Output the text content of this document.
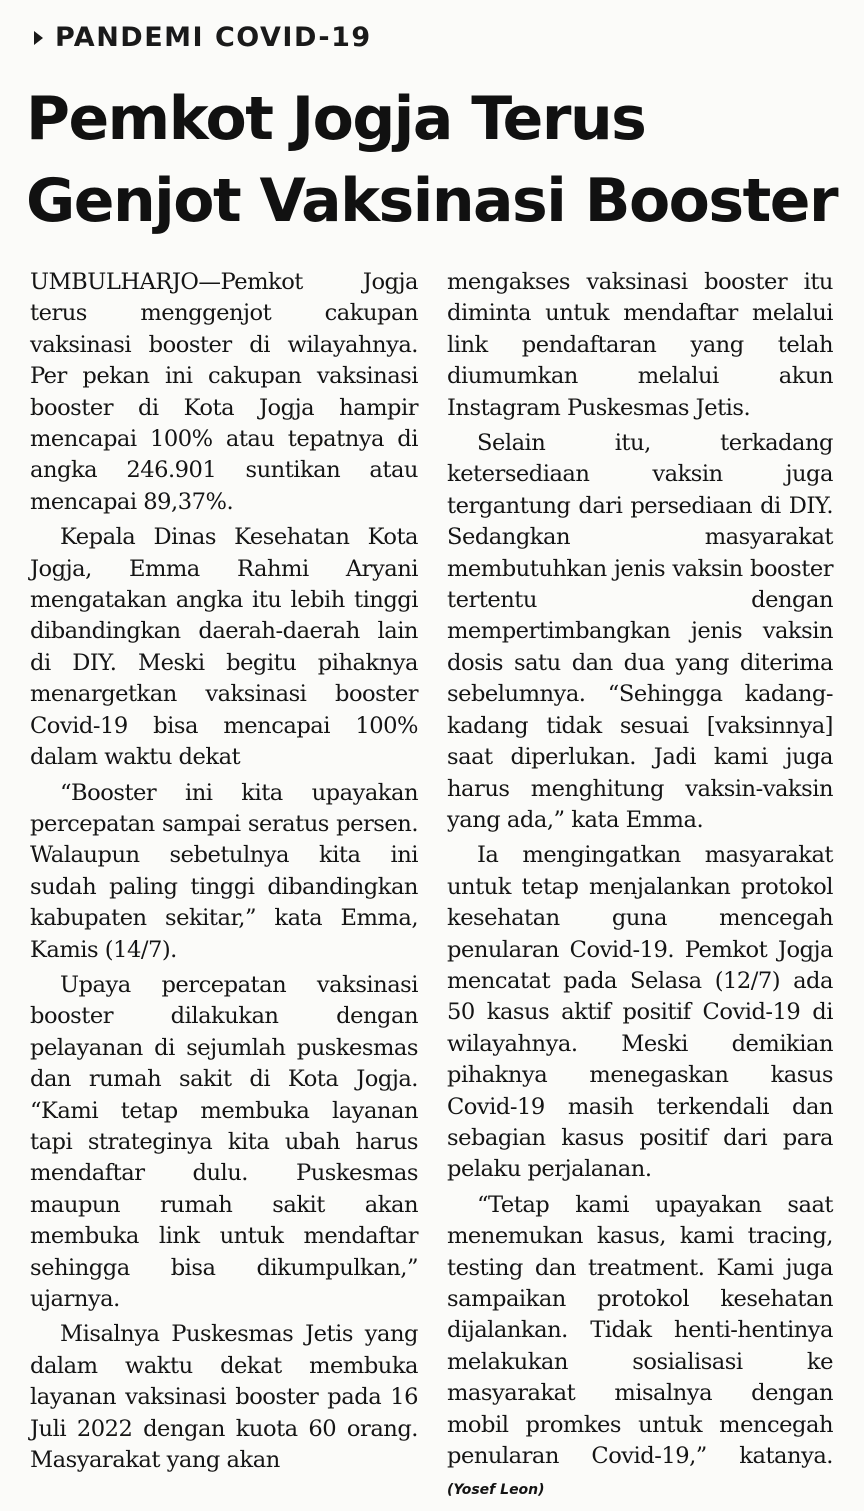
PANDEMI COVID-19
Pemkot Jogja Terus
Genjot Vaksinasi Booster

UMBULHARJO—Pemkot Jogja terus menggenjot cakupan vaksinasi booster di wilayahnya. Per pekan ini cakupan vaksinasi booster di Kota Jogja hampir mencapai 100% atau tepatnya di angka 246.901 suntikan atau mencapai 89,37%.

Kepala Dinas Kesehatan Kota Jogja, Emma Rahmi Aryani mengatakan angka itu lebih tinggi dibandingkan daerah-daerah lain di DIY. Meski begitu pihaknya menargetkan vaksinasi booster Covid-19 bisa mencapai 100% dalam waktu dekat

“Booster ini kita upayakan percepatan sampai seratus persen. Walaupun sebetulnya kita ini sudah paling tinggi dibandingkan kabupaten sekitar,” kata Emma, Kamis (14/7).

Upaya percepatan vaksinasi booster dilakukan dengan pelayanan di sejumlah puskesmas dan rumah sakit di Kota Jogja. “Kami tetap membuka layanan tapi strateginya kita ubah harus mendaftar dulu. Puskesmas maupun rumah sakit akan membuka link untuk mendaftar sehingga bisa dikumpulkan,” ujarnya.

Misalnya Puskesmas Jetis yang dalam waktu dekat membuka layanan vaksinasi booster pada 16 Juli 2022 dengan kuota 60 orang. Masyarakat yang akan

mengakses vaksinasi booster itu diminta untuk mendaftar melalui link pendaftaran yang telah diumumkan melalui akun Instagram Puskesmas Jetis.

Selain itu, terkadang ketersediaan vaksin juga tergantung dari persediaan di DIY. Sedangkan masyarakat membutuhkan jenis vaksin booster tertentu dengan mempertimbangkan jenis vaksin dosis satu dan dua yang diterima sebelumnya. “Sehingga kadang-kadang tidak sesuai [vaksinnya] saat diperlukan. Jadi kami juga harus menghitung vaksin-vaksin yang ada,” kata Emma.

Ia mengingatkan masyarakat untuk tetap menjalankan protokol kesehatan guna mencegah penularan Covid-19. Pemkot Jogja mencatat pada Selasa (12/7) ada 50 kasus aktif positif Covid-19 di wilayahnya. Meski demikian pihaknya menegaskan kasus Covid-19 masih terkendali dan sebagian kasus positif dari para pelaku perjalanan.

“Tetap kami upayakan saat menemukan kasus, kami tracing, testing dan treatment. Kami juga sampaikan protokol kesehatan dijalankan. Tidak henti-hentinya melakukan sosialisasi ke masyarakat misalnya dengan mobil promkes untuk mencegah penularan Covid-19,” katanya. (Yosef Leon)
